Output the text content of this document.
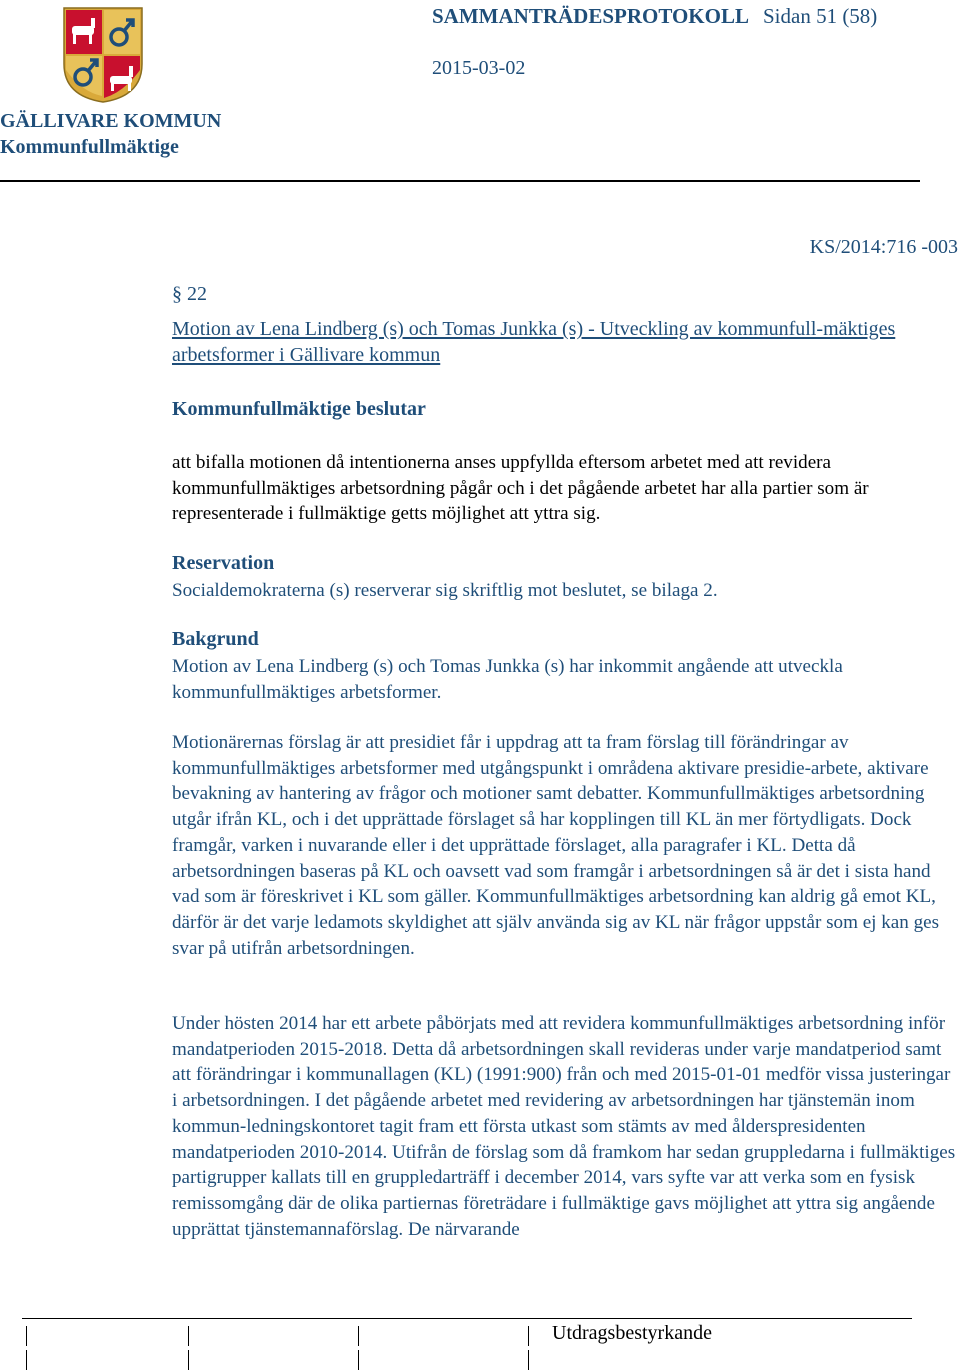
SAMMANTRÄDESPROTOKOLL Sidan 51 (58)
2015-03-02
GÄLLIVARE KOMMUN
Kommunfullmäktige
KS/2014:716 -003
§ 22
Motion av Lena Lindberg (s) och Tomas Junkka (s) - Utveckling av kommunfull-mäktiges arbetsformer i Gällivare kommun
Kommunfullmäktige beslutar
att bifalla motionen då intentionerna anses uppfyllda eftersom arbetet med att revidera kommunfullmäktiges arbetsordning pågår och i det pågående arbetet har alla partier som är representerade i fullmäktige getts möjlighet att yttra sig.
Reservation
Socialdemokraterna (s) reserverar sig skriftlig mot beslutet, se bilaga 2.
Bakgrund
Motion av Lena Lindberg (s) och Tomas Junkka (s) har inkommit angående att utveckla kommunfullmäktiges arbetsformer.
Motionärernas förslag är att presidiet får i uppdrag att ta fram förslag till förändringar av kommunfullmäktiges arbetsformer med utgångspunkt i områdena aktivare presidie-arbete, aktivare bevakning av hantering av frågor och motioner samt debatter. Kommunfullmäktiges arbetsordning utgår ifrån KL, och i det upprättade förslaget så har kopplingen till KL än mer förtydligats. Dock framgår, varken i nuvarande eller i det upprättade förslaget, alla paragrafer i KL. Detta då arbetsordningen baseras på KL och oavsett vad som framgår i arbetsordningen så är det i sista hand vad som är föreskrivet i KL som gäller. Kommunfullmäktiges arbetsordning kan aldrig gå emot KL, därför är det varje ledamots skyldighet att själv använda sig av KL när frågor uppstår som ej kan ges svar på utifrån arbetsordningen.
Under hösten 2014 har ett arbete påbörjats med att revidera kommunfullmäktiges arbetsordning inför mandatperioden 2015-2018. Detta då arbetsordningen skall revideras under varje mandatperiod samt att förändringar i kommunallagen (KL) (1991:900) från och med 2015-01-01 medför vissa justeringar i arbetsordningen. I det pågående arbetet med revidering av arbetsordningen har tjänstemän inom kommun-ledningskontoret tagit fram ett första utkast som stämts av med ålderspresidenten mandatperioden 2010-2014. Utifrån de förslag som då framkom har sedan gruppledarna i fullmäktiges partigrupper kallats till en gruppledarträff i december 2014, vars syfte var att verka som en fysisk remissomgång där de olika partiernas företrädare i fullmäktige gavs möjlighet att yttra sig angående upprättat tjänstemannaförslag. De närvarande
Utdragsbestyrkande
